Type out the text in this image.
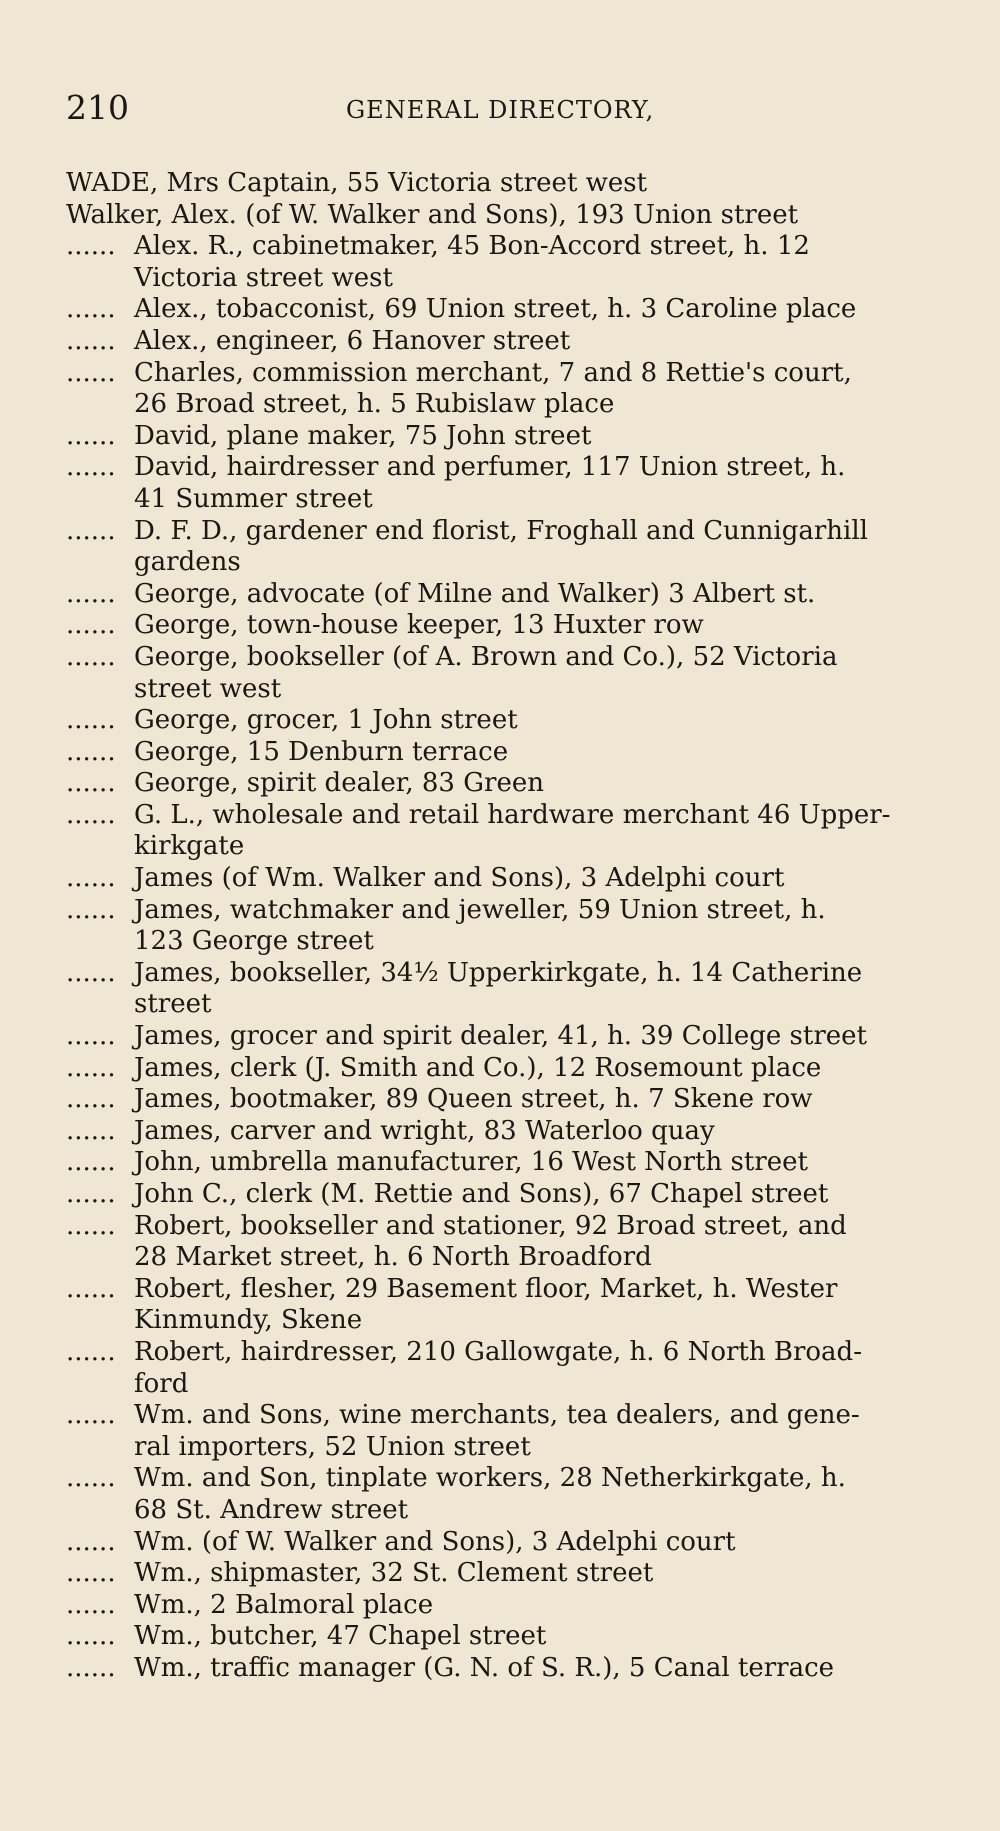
210	GENERAL DIRECTORY,
WADE, Mrs Captain, 55 Victoria street west
Walker, Alex. (of W. Walker and Sons), 193 Union street
...... Alex. R., cabinetmaker, 45 Bon-Accord street, h. 12
Victoria street west
...... Alex., tobacconist, 69 Union street, h. 3 Caroline place
...... Alex., engineer, 6 Hanover street
...... Charles, commission merchant, 7 and 8 Rettie's court,
26 Broad street, h. 5 Rubislaw place
...... David, plane maker, 75 John street
...... David, hairdresser and perfumer, 117 Union street, h.
41 Summer street
...... D. F. D., gardener end florist, Froghall and Cunnigarhill
gardens
...... George, advocate (of Milne and Walker) 3 Albert st.
...... George, town-house keeper, 13 Huxter row
...... George, bookseller (of A. Brown and Co.), 52 Victoria
street west
...... George, grocer, 1 John street
...... George, 15 Denburn terrace
...... George, spirit dealer, 83 Green
...... G. L., wholesale and retail hardware merchant 46 Upper-
kirkgate
...... James (of Wm. Walker and Sons), 3 Adelphi court
...... James, watchmaker and jeweller, 59 Union street, h.
123 George street
...... James, bookseller, 34½ Upperkirkgate, h. 14 Catherine
street
...... James, grocer and spirit dealer, 41, h. 39 College street
...... James, clerk (J. Smith and Co.), 12 Rosemount place
...... James, bootmaker, 89 Queen street, h. 7 Skene row
...... James, carver and wright, 83 Waterloo quay
...... John, umbrella manufacturer, 16 West North street
...... John C., clerk (M. Rettie and Sons), 67 Chapel street
...... Robert, bookseller and stationer, 92 Broad street, and
28 Market street, h. 6 North Broadford
...... Robert, flesher, 29 Basement floor, Market, h. Wester
Kinmundy, Skene
...... Robert, hairdresser, 210 Gallowgate, h. 6 North Broad-
ford
...... Wm. and Sons, wine merchants, tea dealers, and gene-
ral importers, 52 Union street
...... Wm. and Son, tinplate workers, 28 Netherkirkgate, h.
68 St. Andrew street
...... Wm. (of W. Walker and Sons), 3 Adelphi court
...... Wm., shipmaster, 32 St. Clement street
...... Wm., 2 Balmoral place
...... Wm., butcher, 47 Chapel street
...... Wm., traffic manager (G. N. of S. R.), 5 Canal terrace
